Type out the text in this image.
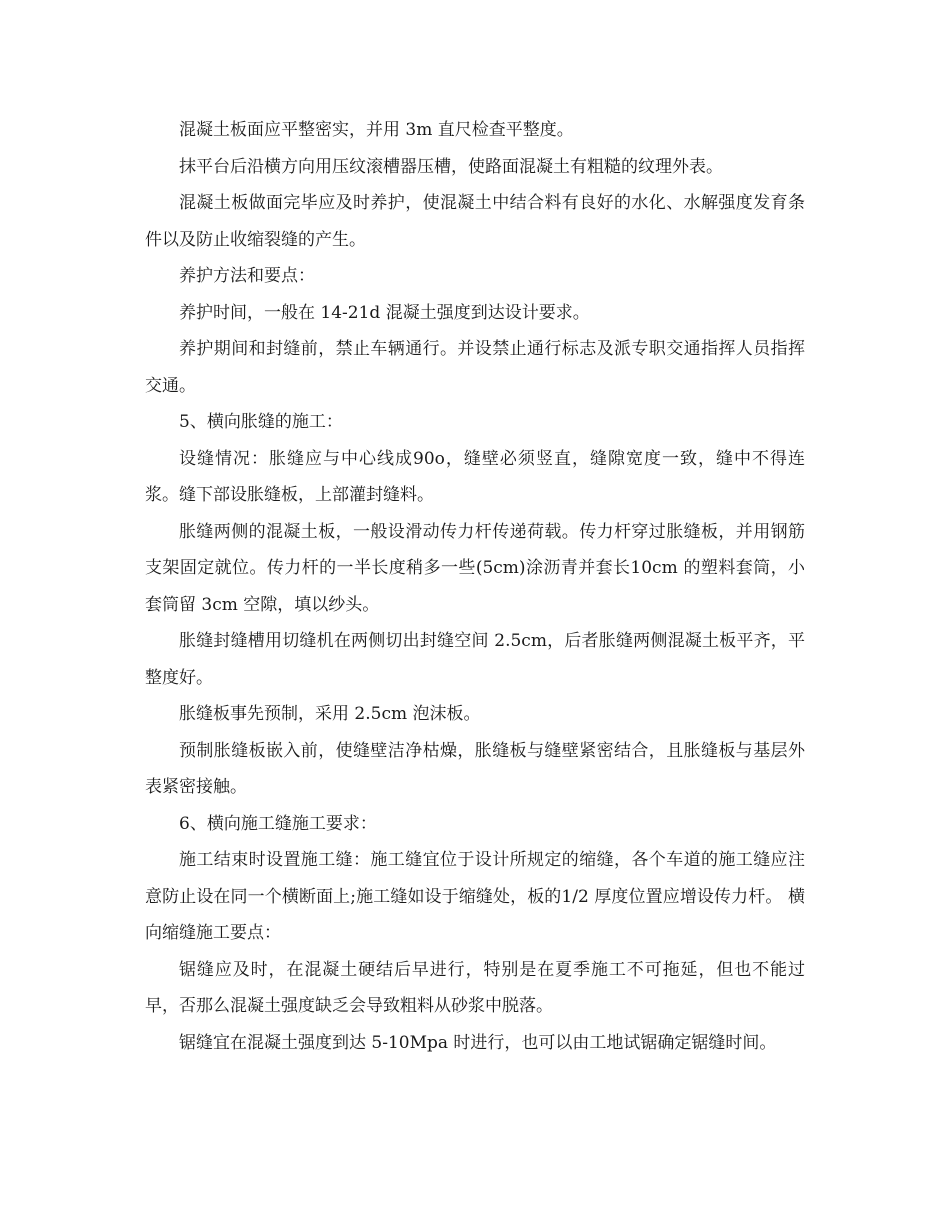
混凝土板面应平整密实，并用 3m 直尺检查平整度。

抹平台后沿横方向用压纹滚槽器压槽，使路面混凝土有粗糙的纹理外表。

混凝土板做面完毕应及时养护，使混凝土中结合料有良好的水化、水解强度发育条件以及防止收缩裂缝的产生。

养护方法和要点：

养护时间，一般在 14-21d 混凝土强度到达设计要求。

养护期间和封缝前，禁止车辆通行。并设禁止通行标志及派专职交通指挥人员指挥交通。

5、横向胀缝的施工：

设缝情况：胀缝应与中心线成90o，缝壁必须竖直，缝隙宽度一致，缝中不得连浆。缝下部设胀缝板，上部灌封缝料。

胀缝两侧的混凝土板，一般设滑动传力杆传递荷载。传力杆穿过胀缝板，并用钢筋支架固定就位。传力杆的一半长度稍多一些(5cm)涂沥青并套长10cm 的塑料套筒，小套筒留 3cm 空隙，填以纱头。

胀缝封缝槽用切缝机在两侧切出封缝空间 2.5cm，后者胀缝两侧混凝土板平齐，平整度好。

胀缝板事先预制，采用 2.5cm 泡沫板。

预制胀缝板嵌入前，使缝壁洁净枯燥，胀缝板与缝壁紧密结合，且胀缝板与基层外表紧密接触。

6、横向施工缝施工要求：

施工结束时设置施工缝：施工缝宜位于设计所规定的缩缝，各个车道的施工缝应注意防止设在同一个横断面上;施工缝如设于缩缝处，板的1/2 厚度位置应增设传力杆。 横向缩缝施工要点：

锯缝应及时，在混凝土硬结后早进行，特别是在夏季施工不可拖延，但也不能过早，否那么混凝土强度缺乏会导致粗料从砂浆中脱落。

锯缝宜在混凝土强度到达 5-10Mpa 时进行，也可以由工地试锯确定锯缝时间。
